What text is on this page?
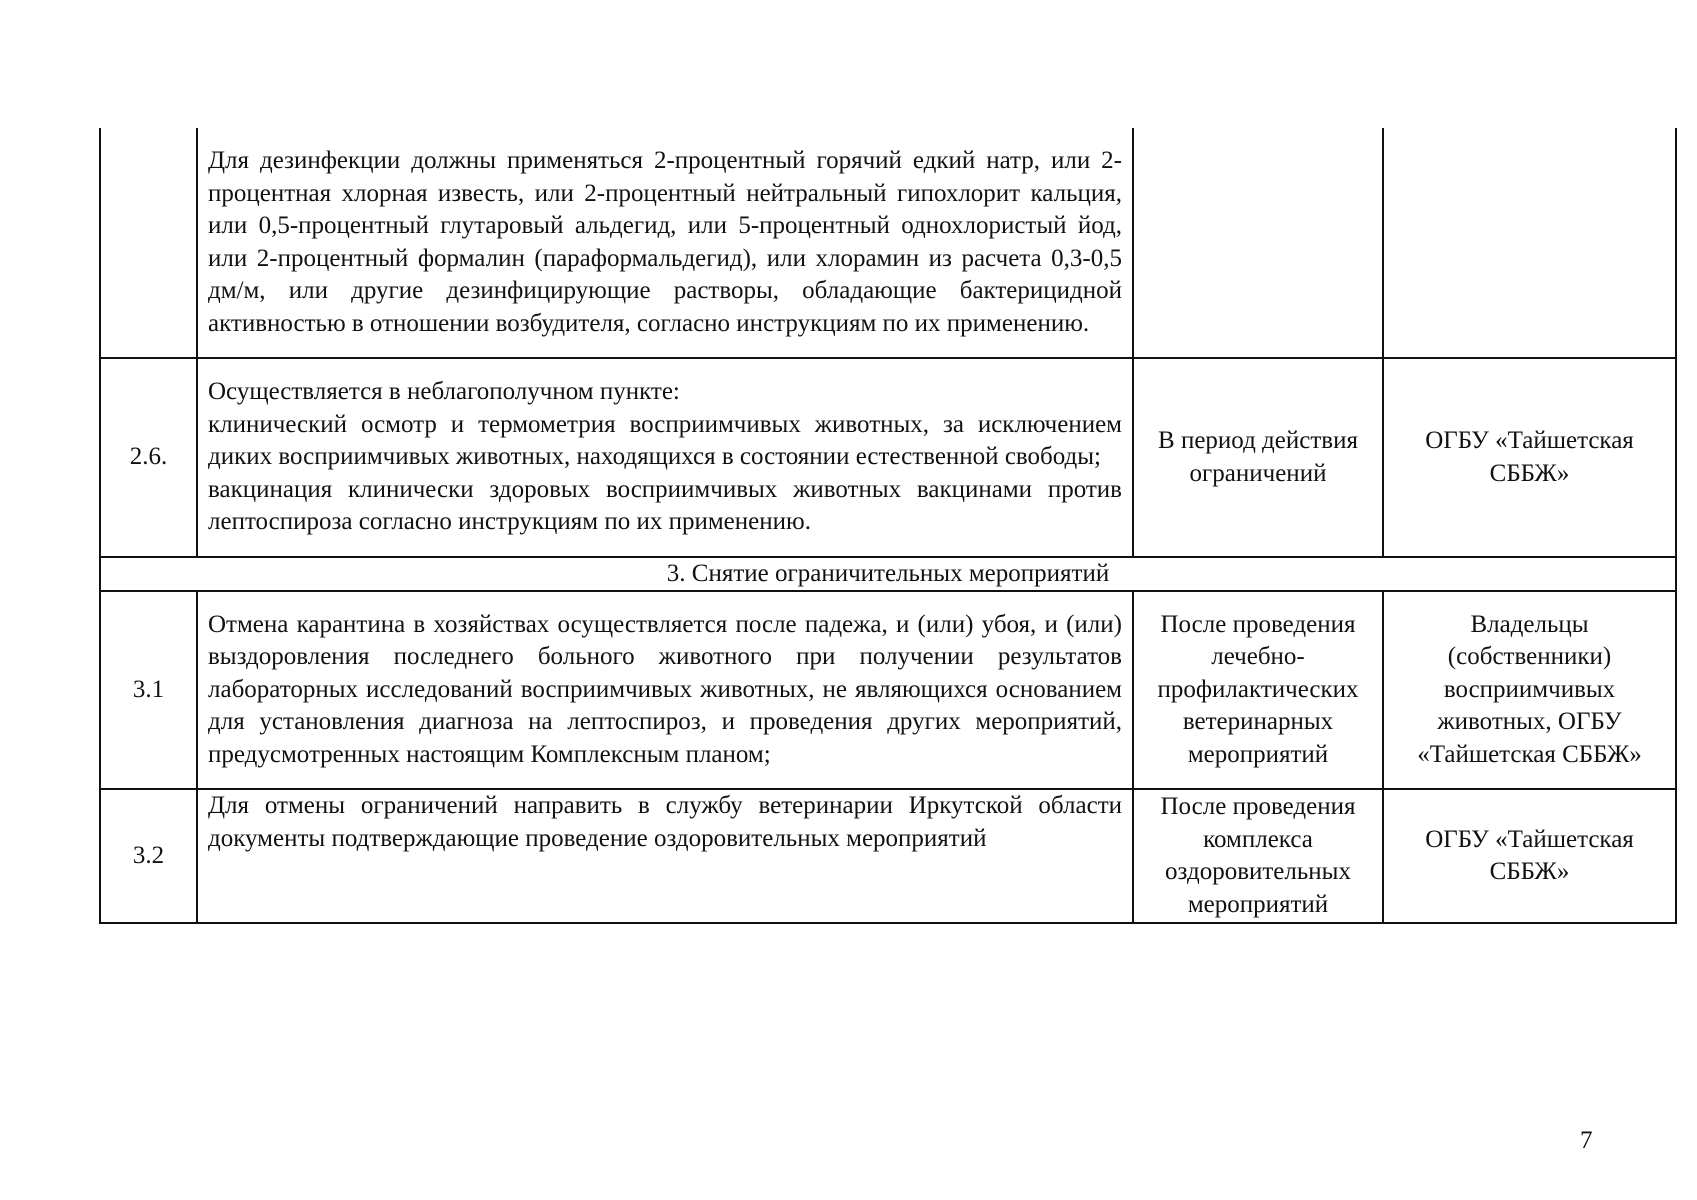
	Для дезинфекции должны применяться 2-процентный горячий едкий натр, или 2-процентная хлорная известь, или 2-процентный нейтральный гипохлорит кальция, или 0,5-процентный глутаровый альдегид, или 5-процентный однохлористый йод, или 2-процентный формалин (параформальдегид), или хлорамин из расчета 0,3-0,5 дм/м, или другие дезинфицирующие растворы, обладающие бактерицидной активностью в отношении возбудителя, согласно инструкциям по их применению.		

2.6.	Осуществляется в неблагополучном пункте:

клинический осмотр и термометрия восприимчивых животных, за исключением диких восприимчивых животных, находящихся в состоянии естественной свободы;

вакцинация клинически здоровых восприимчивых животных вакцинами против лептоспироза согласно инструкциям по их применению.	В период действия ограничений	ОГБУ «Тайшетская СББЖ»
3. Снятие ограничительных мероприятий			
3.1	Отмена карантина в хозяйствах осуществляется после падежа, и (или) убоя, и (или) выздоровления последнего больного животного при получении результатов лабораторных исследований восприимчивых животных, не являющихся основанием для установления диагноза на лептоспироз, и проведения других мероприятий, предусмотренных настоящим Комплексным планом;	После проведения лечебно-профилактических ветеринарных мероприятий	Владельцы (собственники) восприимчивых животных, ОГБУ «Тайшетская СББЖ»
3.2	Для отмены ограничений направить в службу ветеринарии Иркутской области документы подтверждающие проведение оздоровительных мероприятий	После проведения комплекса оздоровительных мероприятий	ОГБУ «Тайшетская СББЖ»
7
